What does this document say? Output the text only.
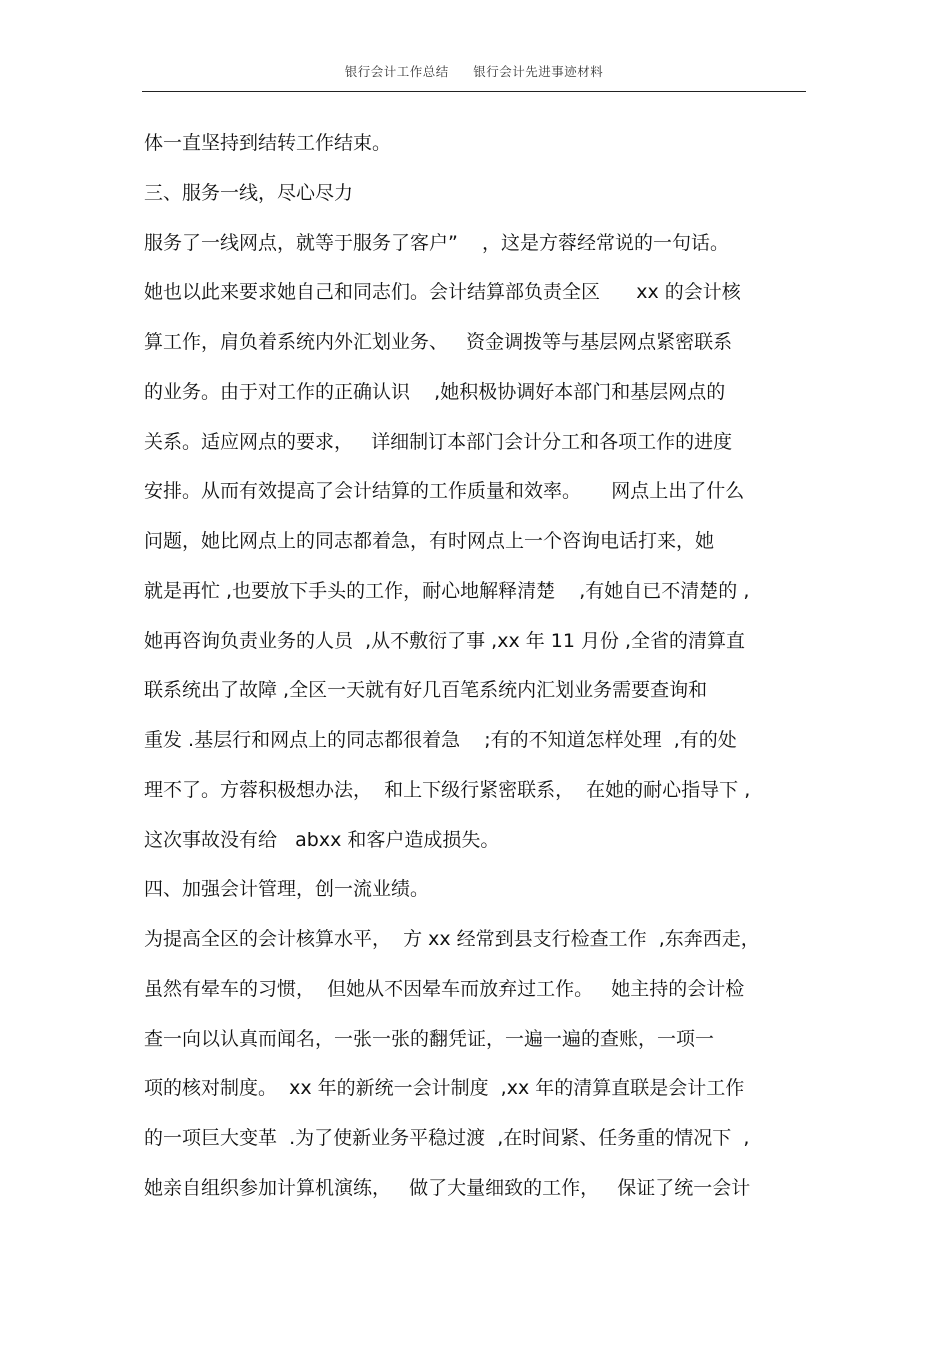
银行会计工作总结 银行会计先进事迹材料
体一直坚持到结转工作结束。
三、服务一线，尽心尽力
服务了一线网点，就等于服务了客户”    ，这是方蓉经常说的一句话。
她也以此来要求她自己和同志们。会计结算部负责全区      xx 的会计核
算工作，肩负着系统内外汇划业务、   资金调拨等与基层网点紧密联系
的业务。由于对工作的正确认识    ,她积极协调好本部门和基层网点的
关系。适应网点的要求，   详细制订本部门会计分工和各项工作的进度
安排。从而有效提高了会计结算的工作质量和效率。     网点上出了什么
问题，她比网点上的同志都着急，有时网点上一个咨询电话打来，她
就是再忙 ,也要放下手头的工作，耐心地解释清楚    ,有她自已不清楚的 ,
她再咨询负责业务的人员  ,从不敷衍了事 ,xx 年 11 月份 ,全省的清算直
联系统出了故障 ,全区一天就有好几百笔系统内汇划业务需要查询和
重发 .基层行和网点上的同志都很着急    ;有的不知道怎样处理  ,有的处
理不了。方蓉积极想办法，  和上下级行紧密联系，  在她的耐心指导下 ,
这次事故没有给   abxx 和客户造成损失。
四、加强会计管理，创一流业绩。
为提高全区的会计核算水平，  方 xx 经常到县支行检查工作  ,东奔西走，
虽然有晕车的习惯，  但她从不因晕车而放弃过工作。   她主持的会计检
查一向以认真而闻名，一张一张的翻凭证，一遍一遍的查账，一项一
项的核对制度。  xx 年的新统一会计制度  ,xx 年的清算直联是会计工作
的一项巨大变革  .为了使新业务平稳过渡  ,在时间紧、任务重的情况下  ,
她亲自组织参加计算机演练，   做了大量细致的工作，   保证了统一会计
